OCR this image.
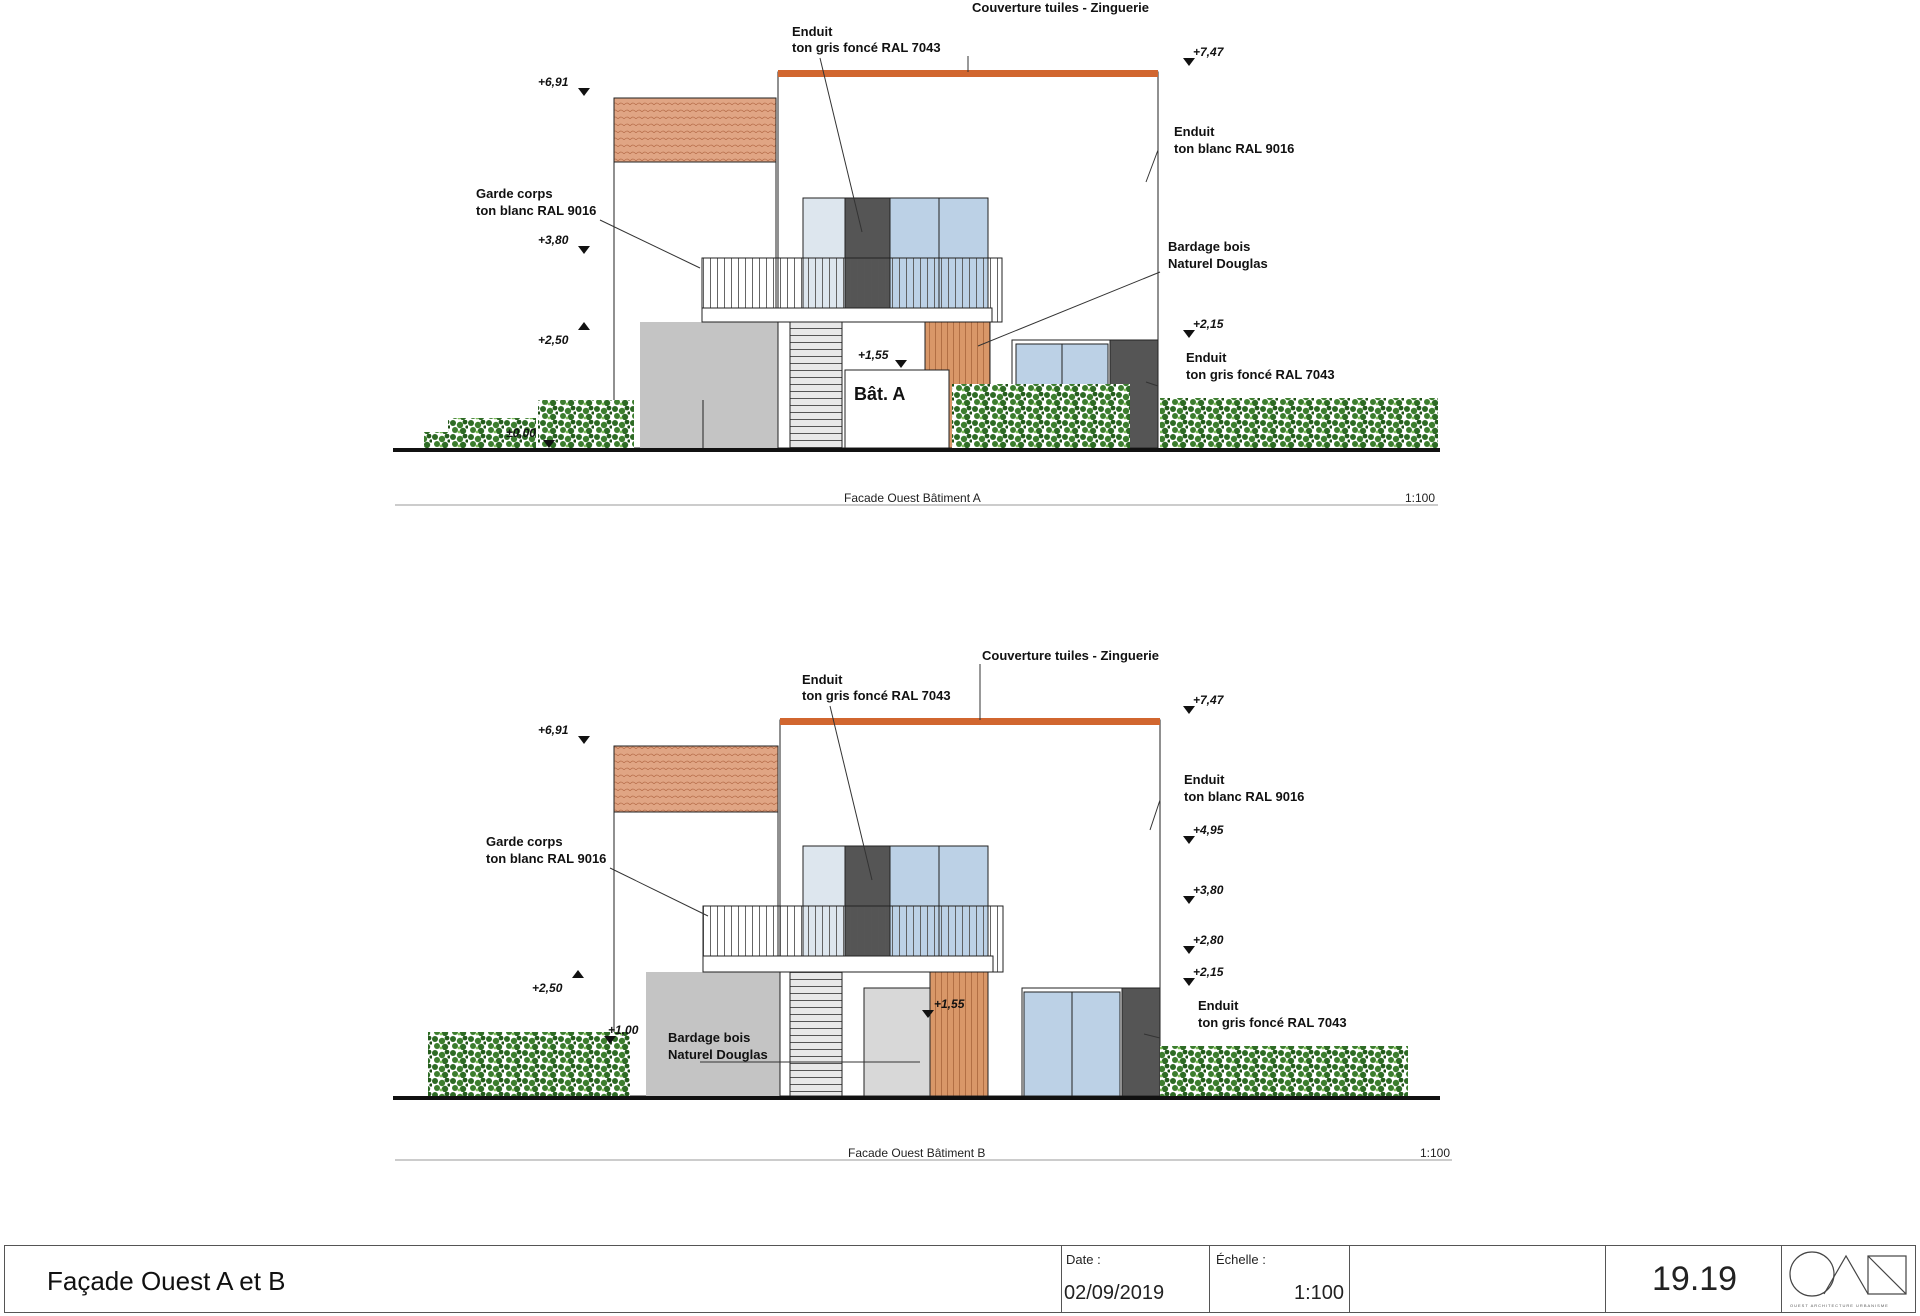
Couverture tuiles - Zinguerie
Enduit
ton gris foncé RAL 7043
Enduit
ton blanc RAL 9016
Garde corps
ton blanc RAL 9016
Bardage bois
Naturel Douglas
Enduit
ton gris foncé RAL 7043
+6,91
+7,47
+3,80
+2,50
+2,15
+1,55
±0,00
Bât. A
Facade Ouest Bâtiment A	1:100
Couverture tuiles - Zinguerie
Enduit
ton gris foncé RAL 7043
Enduit
ton blanc RAL 9016
Garde corps
ton blanc RAL 9016
Bardage bois
Naturel Douglas
Enduit
ton gris foncé RAL 7043
+6,91
+7,47
+4,95
+3,80
+2,80
+2,15
+2,50
+1,55
+1,00
Facade Ouest Bâtiment B	1:100
Façade Ouest A et B
Date :
02/09/2019
Échelle :
1:100	19.19
OUEST ARCHITECTURE URBANISME
